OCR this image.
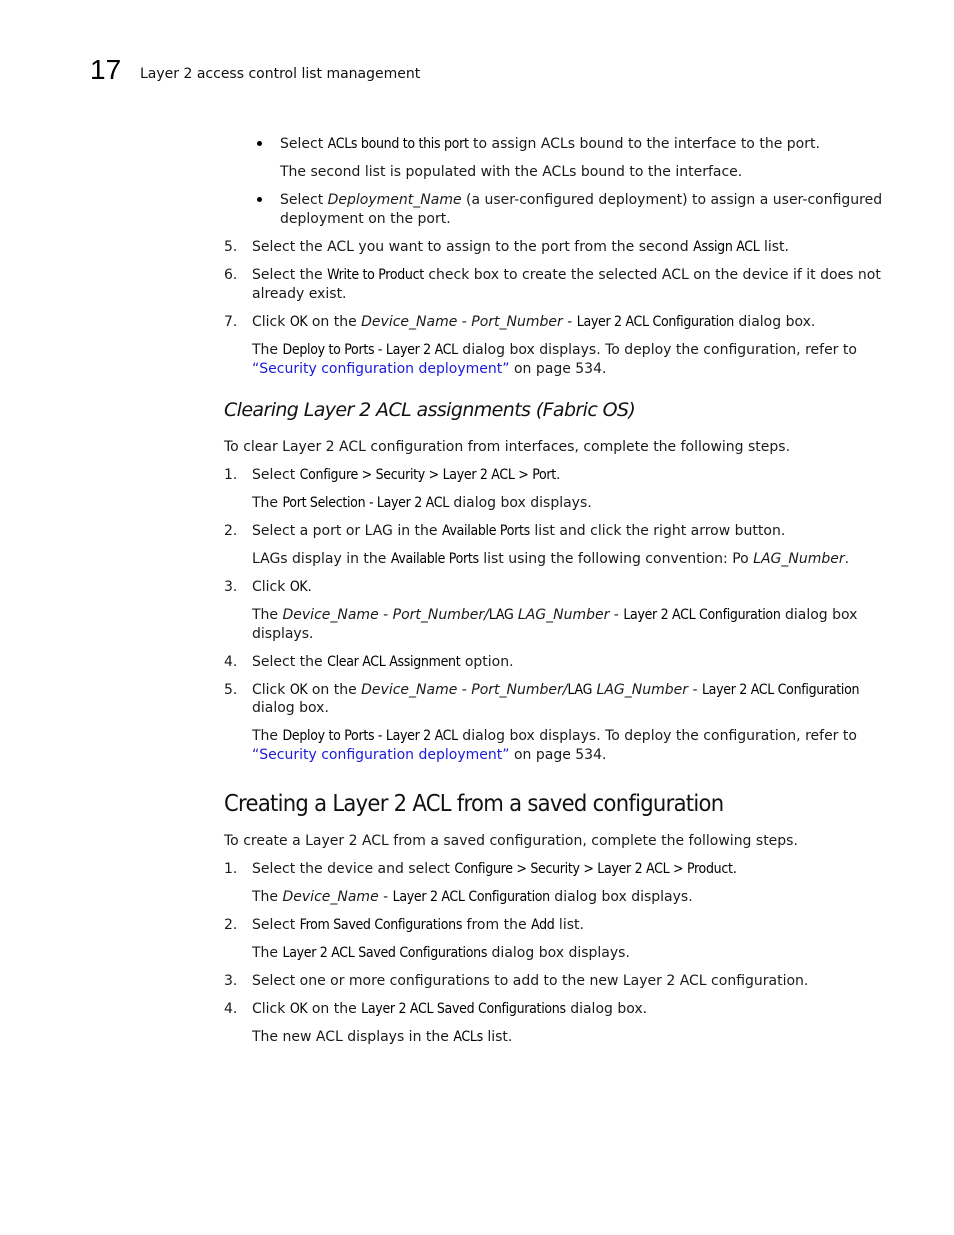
17 Layer 2 access control list management
Select ACLs bound to this port to assign ACLs bound to the interface to the port.
The second list is populated with the ACLs bound to the interface.
Select Deployment_Name (a user-configured deployment) to assign a user-configured
deployment on the port.
5. Select the ACL you want to assign to the port from the second Assign ACL list.
6. Select the Write to Product check box to create the selected ACL on the device if it does not
already exist.
7. Click OK on the Device_Name - Port_Number - Layer 2 ACL Configuration dialog box.
The Deploy to Ports - Layer 2 ACL dialog box displays. To deploy the configuration, refer to
“Security configuration deployment” on page 534.
Clearing Layer 2 ACL assignments (Fabric OS)
To clear Layer 2 ACL configuration from interfaces, complete the following steps.
1. Select Configure > Security > Layer 2 ACL > Port.
The Port Selection - Layer 2 ACL dialog box displays.
2. Select a port or LAG in the Available Ports list and click the right arrow button.
LAGs display in the Available Ports list using the following convention: Po LAG_Number.
3. Click OK.
The Device_Name - Port_Number/LAG LAG_Number - Layer 2 ACL Configuration dialog box
displays.
4. Select the Clear ACL Assignment option.
5. Click OK on the Device_Name - Port_Number/LAG LAG_Number - Layer 2 ACL Configuration
dialog box.
The Deploy to Ports - Layer 2 ACL dialog box displays. To deploy the configuration, refer to
“Security configuration deployment” on page 534.
Creating a Layer 2 ACL from a saved configuration
To create a Layer 2 ACL from a saved configuration, complete the following steps.
1. Select the device and select Configure > Security > Layer 2 ACL > Product.
The Device_Name - Layer 2 ACL Configuration dialog box displays.
2. Select From Saved Configurations from the Add list.
The Layer 2 ACL Saved Configurations dialog box displays.
3. Select one or more configurations to add to the new Layer 2 ACL configuration.
4. Click OK on the Layer 2 ACL Saved Configurations dialog box.
The new ACL displays in the ACLs list.
